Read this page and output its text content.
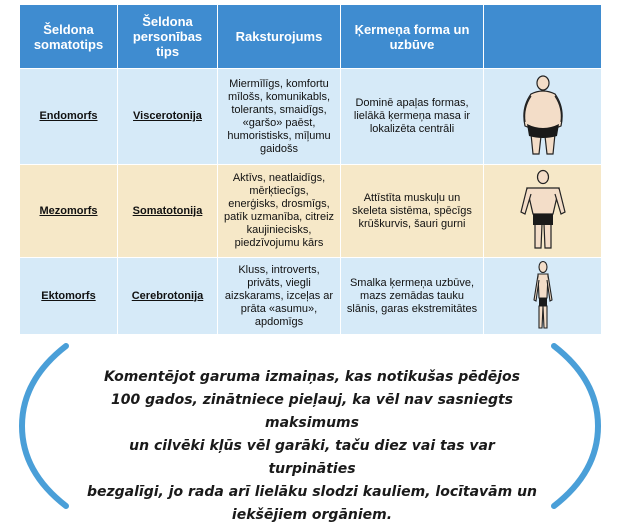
Šeldona somatotips	Šeldona personības tips	Raksturojums	Ķermeņa forma un uzbūve	
Endomorfs	Viscerotonija	Miermīlīgs, komfortu mīlošs, komunikabls, tolerants, smaidīgs, «garšo» paēst, humoristisks, mīļumu gaidošs	Dominē apaļas formas, lielākā ķermeņa masa ir lokalizēta centrāli	

Mezomorfs	Somatotonija	Aktīvs, neatlaidīgs, mērķtiecīgs, enerģisks, drosmīgs, patīk uzmanība, citreiz kaujiniecisks, piedzīvojumu kārs	Attīstīta muskuļu un skeleta sistēma, spēcīgs krūškurvis, šauri gurni	

Ektomorfs	Cerebrotonija	Kluss, introverts, privāts, viegli aizskarams, izceļas ar prāta «asumu», apdomīgs	Smalka ķermeņa uzbūve, mazs zemādas tauku slānis, garas ekstremitātes	
Komentējot garuma izmaiņas, kas notikušas pēdējos
100 gados, zinātniece pieļauj, ka vēl nav sasniegts maksimums
un cilvēki kļūs vēl garāki, taču diez vai tas var turpināties
bezgalīgi, jo rada arī lielāku slodzi kauliem, locītavām un
iekšējiem orgāniem.
